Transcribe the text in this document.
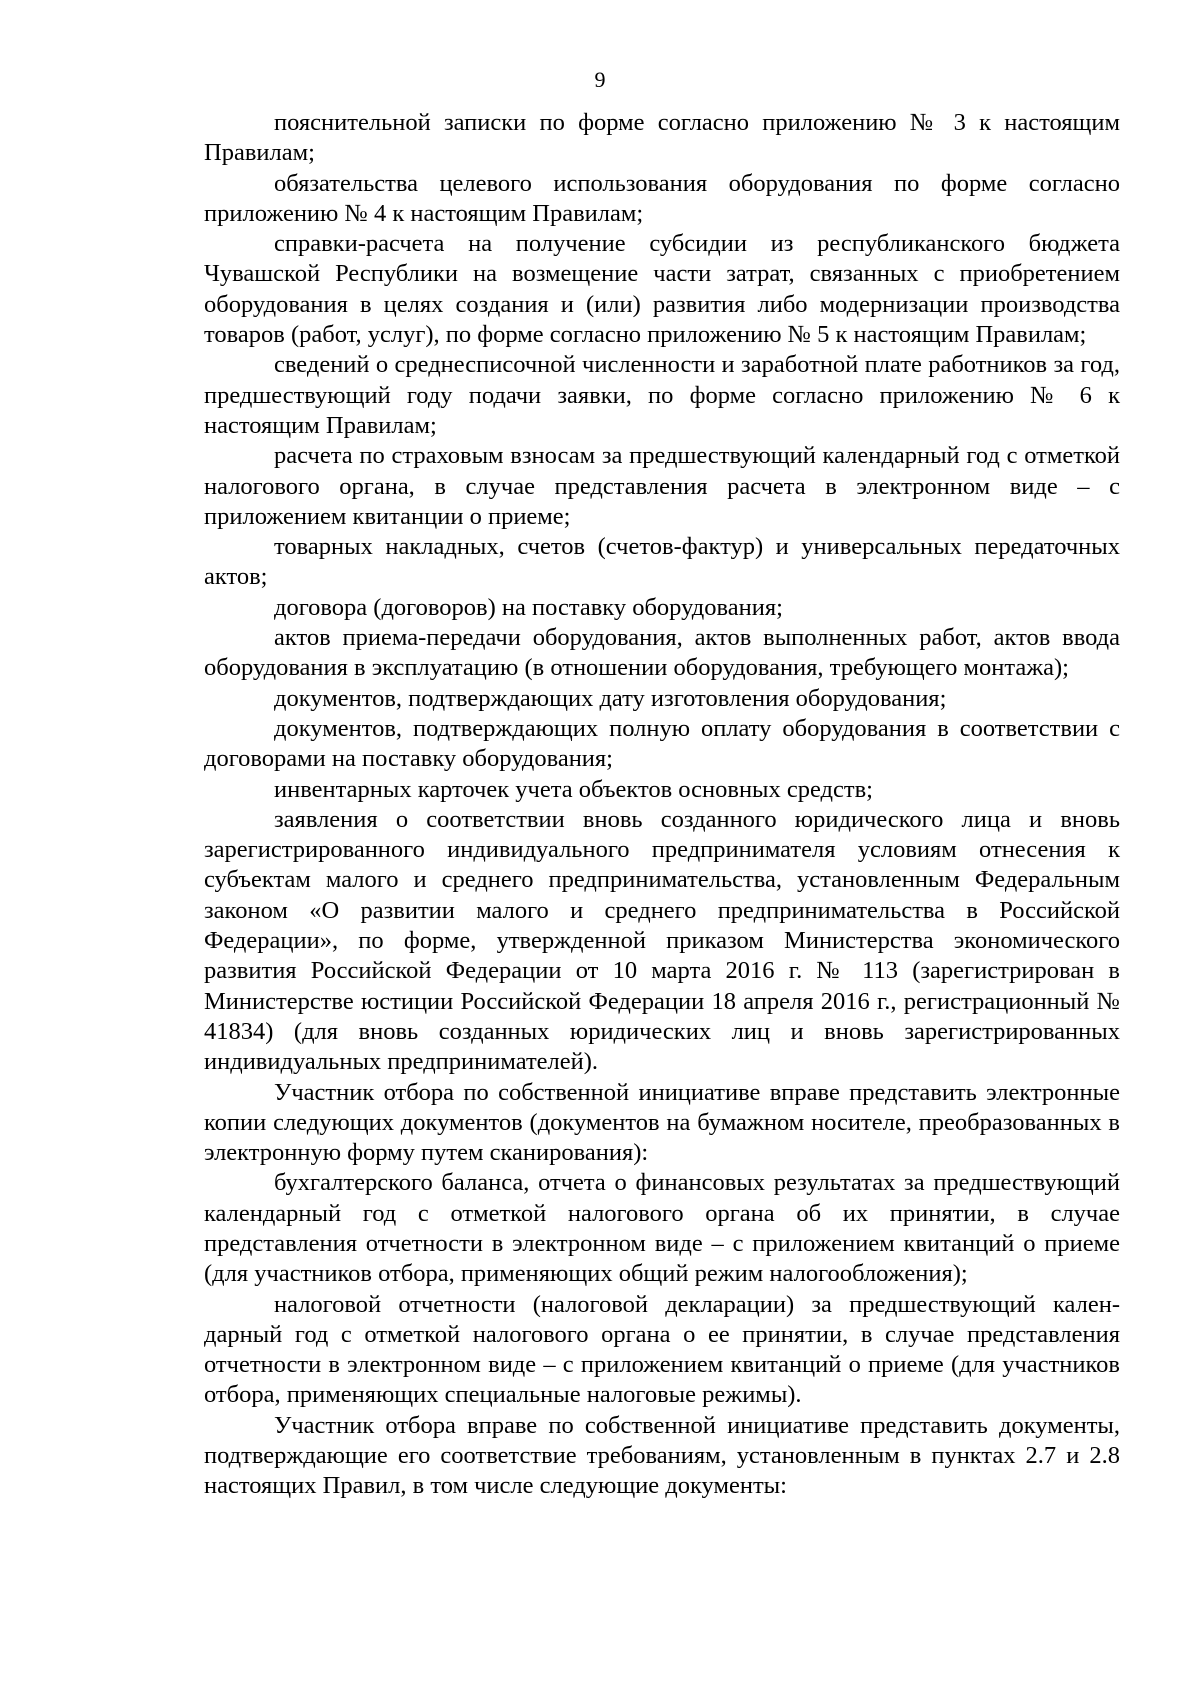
9

пояснительной записки по форме согласно приложению № 3 к настоящим Правилам;

обязательства целевого использования оборудования по форме согласно приложению № 4 к настоящим Правилам;

справки-расчета на получение субсидии из республиканского бюджета Чувашской Республики на возмещение части затрат, связанных с приобретением оборудования в целях создания и (или) развития либо модернизации производства товаров (работ, услуг), по форме согласно приложению № 5 к настоящим Правилам;

сведений о среднесписочной численности и заработной плате работников за год, предшествующий году подачи заявки, по форме согласно приложению № 6 к настоящим Правилам;

расчета по страховым взносам за предшествующий календарный год с отметкой налогового органа, в случае представления расчета в электронном виде – с приложением квитанции о приеме;

товарных накладных, счетов (счетов-фактур) и универсальных передаточных актов;

договора (договоров) на поставку оборудования;

актов приема-передачи оборудования, актов выполненных работ, актов ввода оборудования в эксплуатацию (в отношении оборудования, требующего монтажа);

документов, подтверждающих дату изготовления оборудования;

документов, подтверждающих полную оплату оборудования в соответствии с договорами на поставку оборудования;

инвентарных карточек учета объектов основных средств;

заявления о соответствии вновь созданного юридического лица и вновь зарегистрированного индивидуального предпринимателя условиям отнесения к субъектам малого и среднего предпринимательства, установленным Федеральным законом «О развитии малого и среднего предпринимательства в Российской Федерации», по форме, утвержденной приказом Министерства экономического развития Российской Федерации от 10 марта 2016 г. № 113 (зарегистрирован в Министерстве юстиции Российской Федерации 18 апреля 2016 г., регистрационный № 41834) (для вновь созданных юридических лиц и вновь зарегистрированных индивидуальных предпринимателей).

Участник отбора по собственной инициативе вправе представить электронные копии следующих документов (документов на бумажном носителе, преобразованных в электронную форму путем сканирования):

бухгалтерского баланса, отчета о финансовых результатах за предшествующий календарный год с отметкой налогового органа об их принятии, в случае представления отчетности в электронном виде – с приложением квитанций о приеме (для участников отбора, применяющих общий режим налогообложения);

налоговой отчетности (налоговой декларации) за предшествующий календарный год с отметкой налогового органа о ее принятии, в случае представления отчетности в электронном виде – с приложением квитанций о приеме (для участников отбора, применяющих специальные налоговые режимы).

Участник отбора вправе по собственной инициативе представить документы, подтверждающие его соответствие требованиям, установленным в пунктах 2.7 и 2.8 настоящих Правил, в том числе следующие документы:
